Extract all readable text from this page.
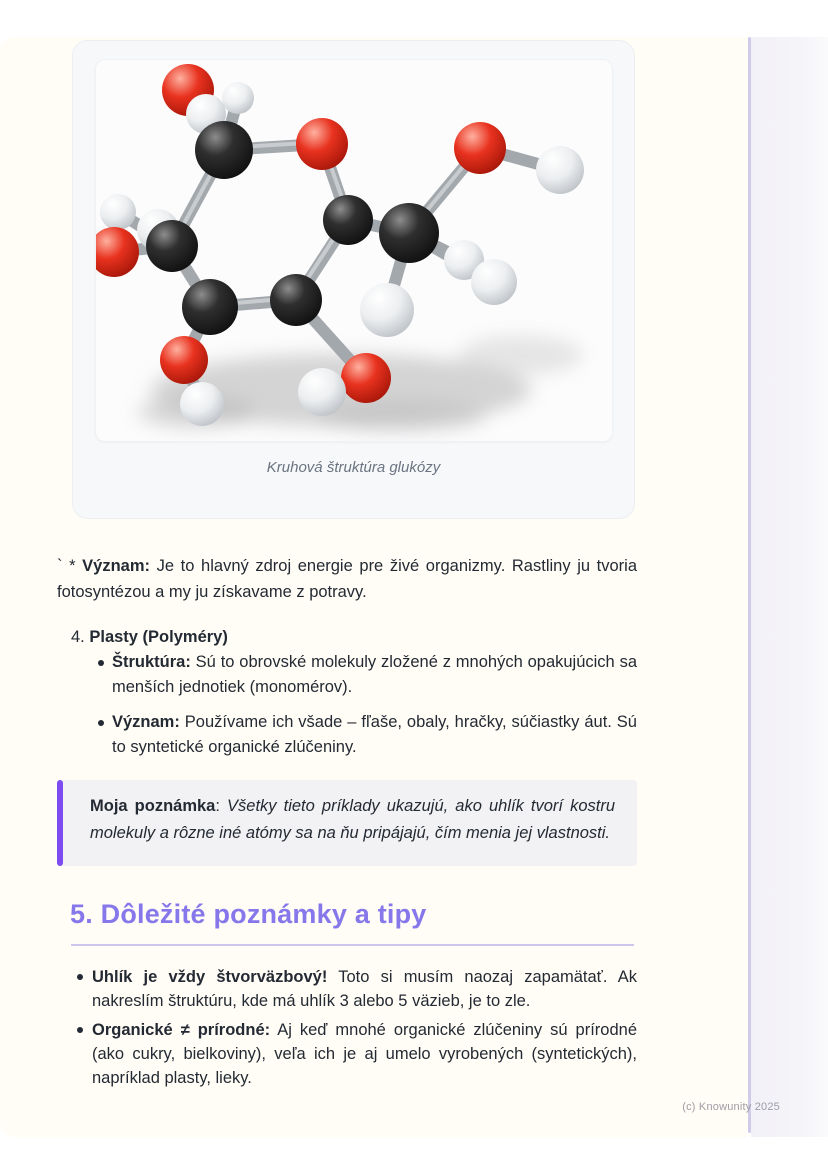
Kruhová štruktúra glukózy

` * Význam: Je to hlavný zdroj energie pre živé organizmy. Rastliny ju tvoria fotosyntézou a my ju získavame z potravy.

4. Plasty (Polyméry)
Štruktúra: Sú to obrovské molekuly zložené z mnohých opakujúcich sa menších jednotiek (monomérov).
Význam: Používame ich všade – fľaše, obaly, hračky, súčiastky áut. Sú to syntetické organické zlúčeniny.
Moja poznámka: Všetky tieto príklady ukazujú, ako uhlík tvorí kostru molekuly a rôzne iné atómy sa na ňu pripájajú, čím menia jej vlastnosti.
5. Dôležité poznámky a tipy
Uhlík je vždy štvorväzbový! Toto si musím naozaj zapamätať. Ak nakreslím štruktúru, kde má uhlík 3 alebo 5 väzieb, je to zle.
Organické ≠ prírodné: Aj keď mnohé organické zlúčeniny sú prírodné (ako cukry, bielkoviny), veľa ich je aj umelo vyrobených (syntetických), napríklad plasty, lieky.
(c) Knowunity 2025
